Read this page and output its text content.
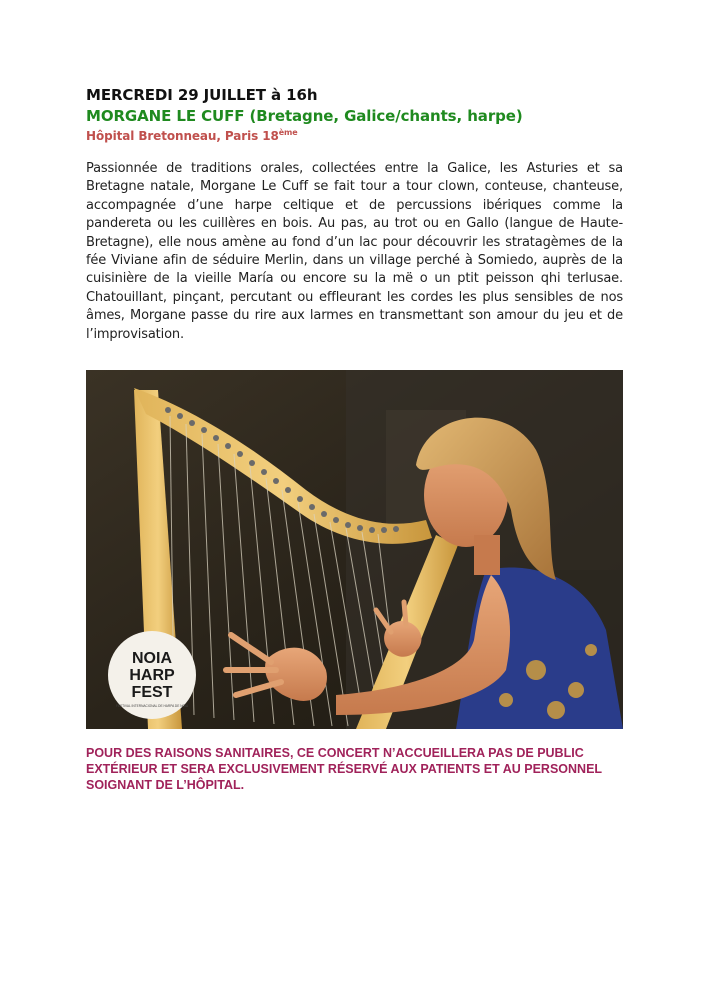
MERCREDI 29 JUILLET à 16h
MORGANE LE CUFF (Bretagne, Galice/chants, harpe)
Hôpital Bretonneau, Paris 18ème

Passionnée de traditions orales, collectées entre la Galice, les Asturies et sa Bretagne natale, Morgane Le Cuff se fait tour a tour clown, conteuse, chanteuse, accompagnée d’une harpe celtique et de percussions ibériques comme la pandereta ou les cuillères en bois. Au pas, au trot ou en Gallo (langue de Haute-Bretagne), elle nous amène au fond d’un lac pour découvrir les stratagèmes de la fée Viviane afin de séduire Merlin, dans un village perché à Somiedo, auprès de la cuisinière de la vieille María ou encore su la më o un ptit peisson qhi terlusae. Chatouillant, pinçant, percutant ou effleurant les cordes les plus sensibles de nos âmes, Morgane passe du rire aux larmes en transmettant son amour du jeu et de l’improvisation.

NOIA
HARP
FEST
FESTIVAL INTERNACIONAL DE HARPA DE NOIA

POUR DES RAISONS SANITAIRES, CE CONCERT N’ACCUEILLERA PAS DE PUBLIC EXTÉRIEUR ET SERA EXCLUSIVEMENT RÉSERVÉ AUX PATIENTS ET AU PERSONNEL SOIGNANT DE L’HÔPITAL.
